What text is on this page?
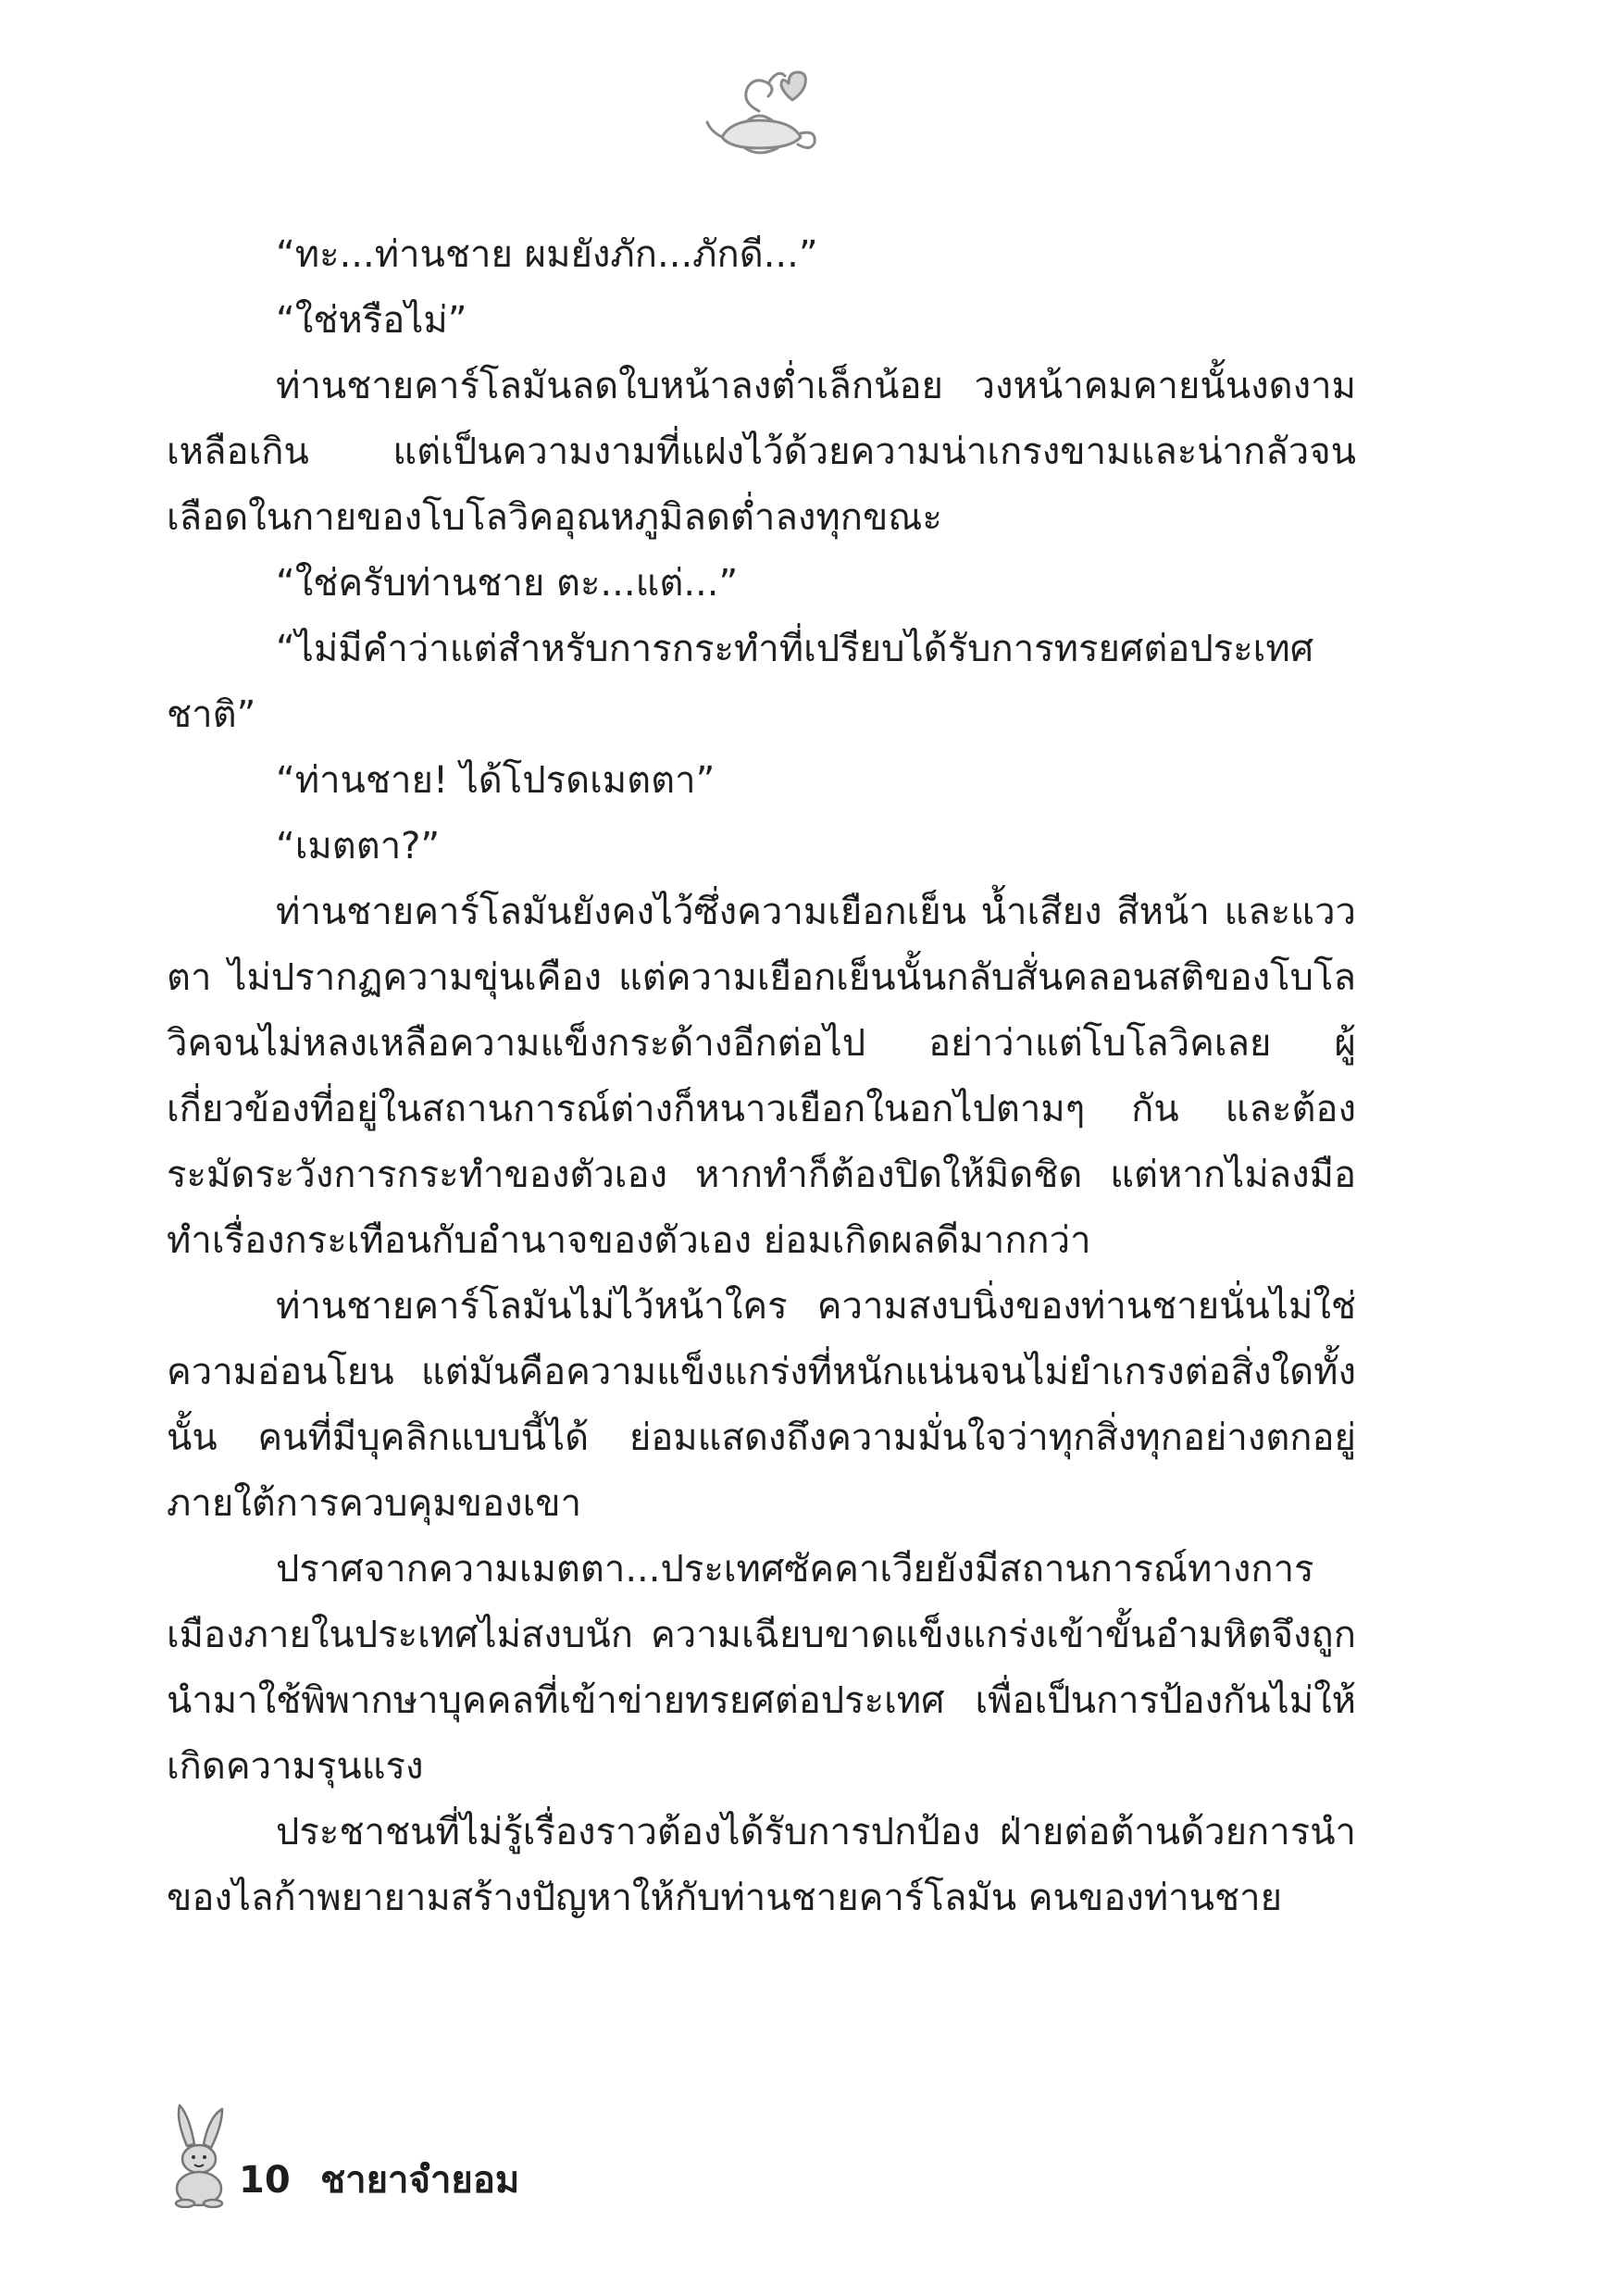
“ทะ...ท่านชาย ผมยังภัก...ภักดี...”

“ใช่หรือไม่”

ท่านชายคาร์โลมันลดใบหน้าลงต่ำเล็กน้อย วงหน้าคมคายนั้นงดงามเหลือเกิน แต่เป็นความงามที่แฝงไว้ด้วยความน่าเกรงขามและน่ากลัวจนเลือดในกายของโบโลวิคอุณหภูมิลดต่ำลงทุกขณะ

“ใช่ครับท่านชาย ตะ...แต่...”

“ไม่มีคำว่าแต่สำหรับการกระทำที่เปรียบได้รับการทรยศต่อประเทศชาติ”

“ท่านชาย! ได้โปรดเมตตา”

“เมตตา?”

ท่านชายคาร์โลมันยังคงไว้ซึ่งความเยือกเย็น น้ำเสียง สีหน้า และแววตา ไม่ปรากฏความขุ่นเคือง แต่ความเยือกเย็นนั้นกลับสั่นคลอนสติของโบโลวิคจนไม่หลงเหลือความแข็งกระด้างอีกต่อไป อย่าว่าแต่โบโลวิคเลย ผู้เกี่ยวข้องที่อยู่ในสถานการณ์ต่างก็หนาวเยือกในอกไปตามๆ กัน และต้องระมัดระวังการกระทำของตัวเอง หากทำก็ต้องปิดให้มิดชิด แต่หากไม่ลงมือทำเรื่องกระเทือนกับอำนาจของตัวเอง ย่อมเกิดผลดีมากกว่า

ท่านชายคาร์โลมันไม่ไว้หน้าใคร ความสงบนิ่งของท่านชายนั่นไม่ใช่ความอ่อนโยน แต่มันคือความแข็งแกร่งที่หนักแน่นจนไม่ยำเกรงต่อสิ่งใดทั้งนั้น คนที่มีบุคลิกแบบนี้ได้ ย่อมแสดงถึงความมั่นใจว่าทุกสิ่งทุกอย่างตกอยู่ภายใต้การควบคุมของเขา

ปราศจากความเมตตา...ประเทศซัคคาเวียยังมีสถานการณ์ทางการเมืองภายในประเทศไม่สงบนัก ความเฉียบขาดแข็งแกร่งเข้าขั้นอำมหิตจึงถูกนำมาใช้พิพากษาบุคคลที่เข้าข่ายทรยศต่อประเทศ เพื่อเป็นการป้องกันไม่ให้เกิดความรุนแรง

ประชาชนที่ไม่รู้เรื่องราวต้องได้รับการปกป้อง ฝ่ายต่อต้านด้วยการนำของไลก้าพยายามสร้างปัญหาให้กับท่านชายคาร์โลมัน คนของท่านชาย

10 ชายาจำยอม
